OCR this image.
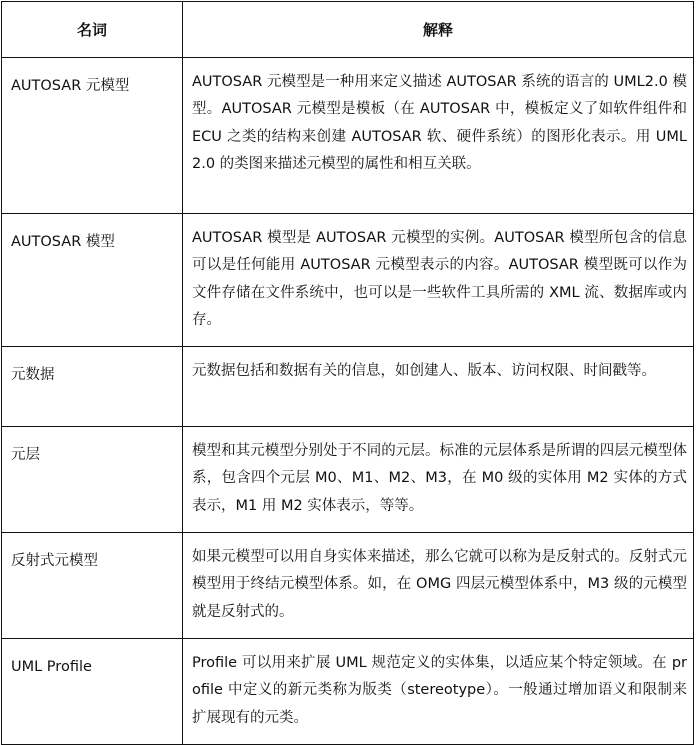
名词	解释
AUTOSAR 元模型	AUTOSAR 元模型是一种用来定义描述 AUTOSAR 系统的语言的 UML2.0 模型。AUTOSAR 元模型是模板（在 AUTOSAR 中，模板定义了如软件组件和 ECU 之类的结构来创建 AUTOSAR 软、硬件系统）的图形化表示。用 UML2.0 的类图来描述元模型的属性和相互关联。
AUTOSAR 模型	AUTOSAR 模型是 AUTOSAR 元模型的实例。AUTOSAR 模型所包含的信息可以是任何能用 AUTOSAR 元模型表示的内容。AUTOSAR 模型既可以作为文件存储在文件系统中，也可以是一些软件工具所需的 XML 流、数据库或内存。
元数据	元数据包括和数据有关的信息，如创建人、版本、访问权限、时间戳等。
元层	模型和其元模型分别处于不同的元层。标准的元层体系是所谓的四层元模型体系，包含四个元层 M0、M1、M2、M3，在 M0 级的实体用 M2 实体的方式表示，M1 用 M2 实体表示，等等。
反射式元模型	如果元模型可以用自身实体来描述，那么它就可以称为是反射式的。反射式元模型用于终结元模型体系。如，在 OMG 四层元模型体系中，M3 级的元模型就是反射式的。
UML Profile	Profile 可以用来扩展 UML 规范定义的实体集，以适应某个特定领域。在 profile 中定义的新元类称为版类（stereotype）。一般通过增加语义和限制来扩展现有的元类。
